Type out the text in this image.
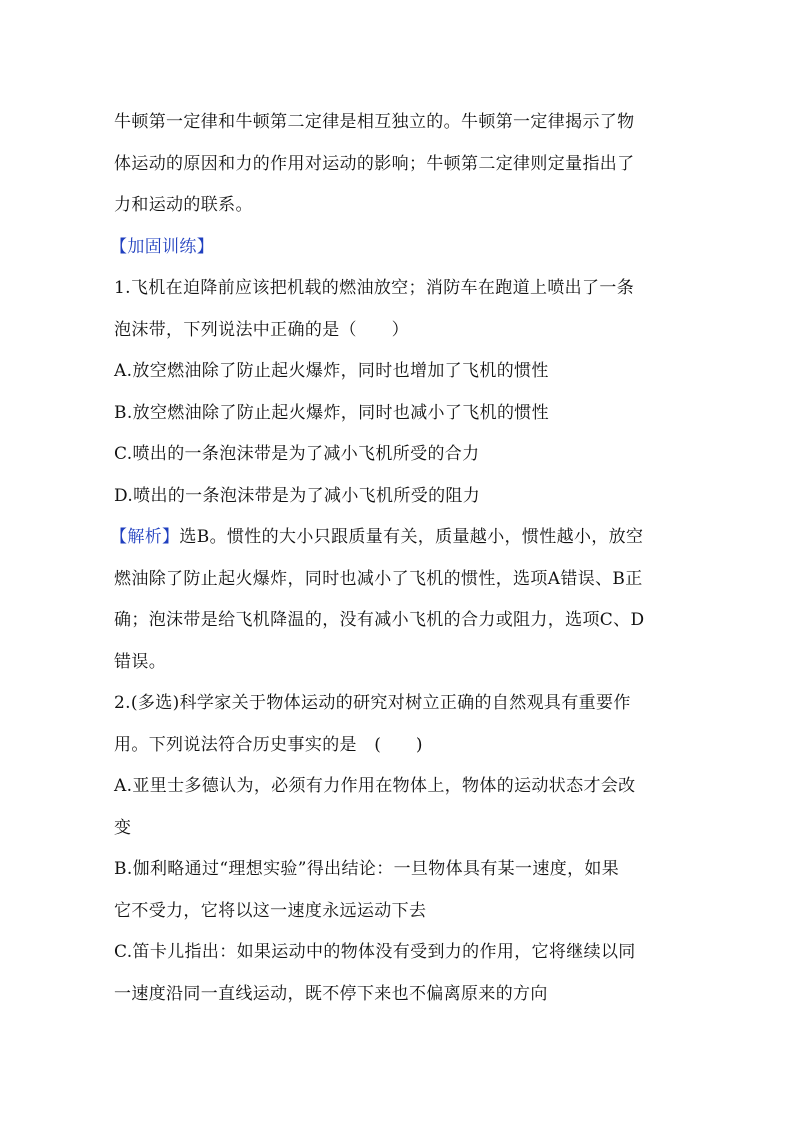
牛顿第一定律和牛顿第二定律是相互独立的。牛顿第一定律揭示了物
体运动的原因和力的作用对运动的影响；牛顿第二定律则定量指出了
力和运动的联系。
【加固训练】
1.飞机在迫降前应该把机载的燃油放空；消防车在跑道上喷出了一条
泡沫带，下列说法中正确的是（　　）
A.放空燃油除了防止起火爆炸，同时也增加了飞机的惯性
B.放空燃油除了防止起火爆炸，同时也减小了飞机的惯性
C.喷出的一条泡沫带是为了减小飞机所受的合力
D.喷出的一条泡沫带是为了减小飞机所受的阻力
【解析】选B。惯性的大小只跟质量有关，质量越小，惯性越小，放空
燃油除了防止起火爆炸，同时也减小了飞机的惯性，选项A错误、B正
确；泡沫带是给飞机降温的，没有减小飞机的合力或阻力，选项C、D
错误。
2.(多选)科学家关于物体运动的研究对树立正确的自然观具有重要作
用。下列说法符合历史事实的是　(　　)
A.亚里士多德认为，必须有力作用在物体上，物体的运动状态才会改
变
B.伽利略通过“理想实验”得出结论：一旦物体具有某一速度，如果
它不受力，它将以这一速度永远运动下去
C.笛卡儿指出：如果运动中的物体没有受到力的作用，它将继续以同
一速度沿同一直线运动，既不停下来也不偏离原来的方向
